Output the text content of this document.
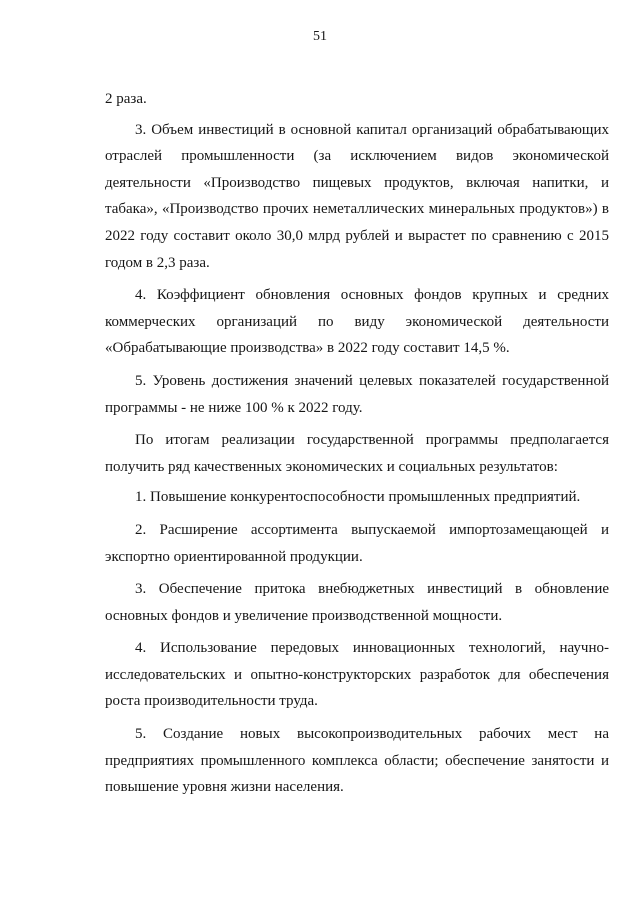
51

2 раза.

3. Объем инвестиций в основной капитал организаций обрабатывающих отраслей промышленности (за исключением видов экономической деятельности «Производство пищевых продуктов, включая напитки, и табака», «Производство прочих неметаллических минеральных продуктов») в 2022 году составит около 30,0 млрд рублей и вырастет по сравнению с 2015 годом в 2,3 раза.

4. Коэффициент обновления основных фондов крупных и средних коммерческих организаций по виду экономической деятельности «Обрабатывающие производства» в 2022 году составит 14,5 %.

5. Уровень достижения значений целевых показателей государственной программы - не ниже 100 % к 2022 году.

По итогам реализации государственной программы предполагается получить ряд качественных экономических и социальных результатов:

1. Повышение конкурентоспособности промышленных предприятий.

2. Расширение ассортимента выпускаемой импортозамещающей и экспортно ориентированной продукции.

3. Обеспечение притока внебюджетных инвестиций в обновление основных фондов и увеличение производственной мощности.

4. Использование передовых инновационных технологий, научно-исследовательских и опытно-конструкторских разработок для обеспечения роста производительности труда.

5. Создание новых высокопроизводительных рабочих мест на предприятиях промышленного комплекса области; обеспечение занятости и повышение уровня жизни населения.
